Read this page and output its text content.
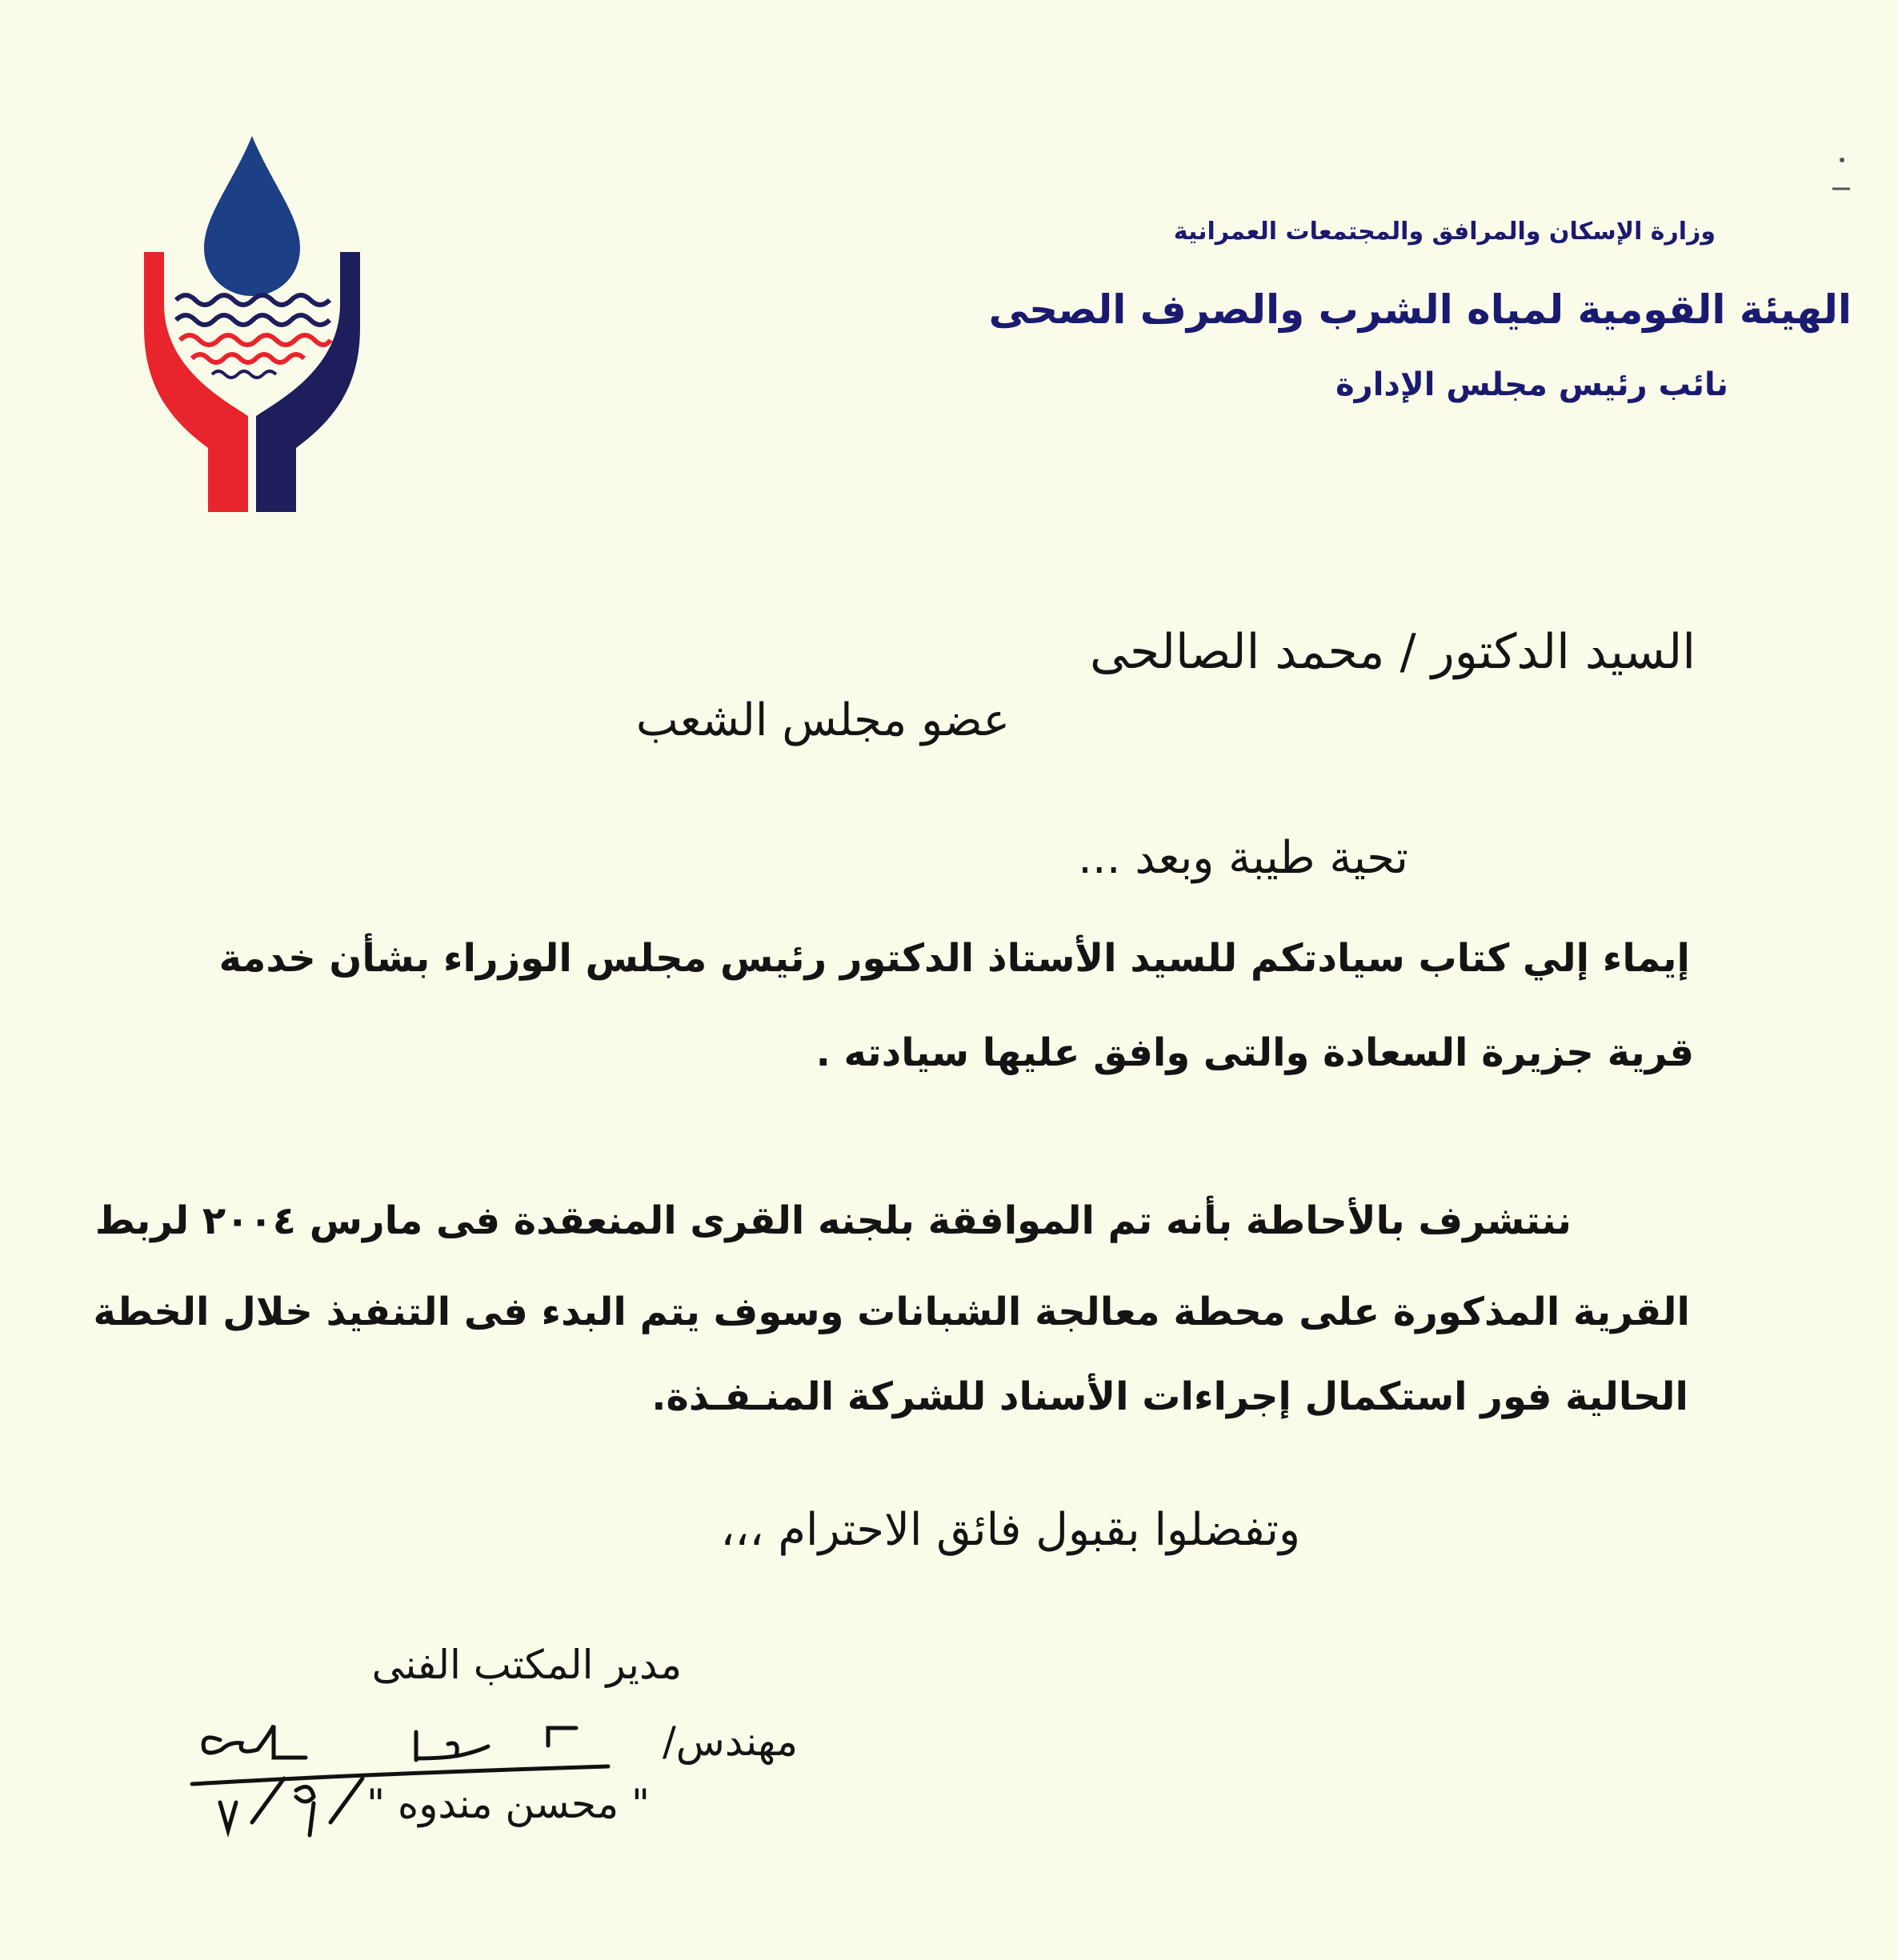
وزارة الإسكان والمرافق والمجتمعات العمرانية
الهيئة القومية لمياه الشرب والصرف الصحى
نائب رئيس مجلس الإدارة
السيد الدكتور / محمد الصالحى
عضو مجلس الشعب
تحية طيبة وبعد ...
إيماء إلي كتاب سيادتكم للسيد الأستاذ الدكتور رئيس مجلس الوزراء بشأن خدمة
قرية جزيرة السعادة والتى وافق عليها سيادته .
ننتشرف بالأحاطة بأنه تم الموافقة بلجنه القرى المنعقدة فى مارس ٢٠٠٤ لربط
القرية المذكورة على محطة معالجة الشبانات وسوف يتم البدء فى التنفيذ خلال الخطة
الحالية فور استكمال إجراءات الأسناد للشركة المنـفـذة.
وتفضلوا بقبول فائق الاحترام ،،،
مدير المكتب الفنى
مهندس/
" محسن مندوه "
